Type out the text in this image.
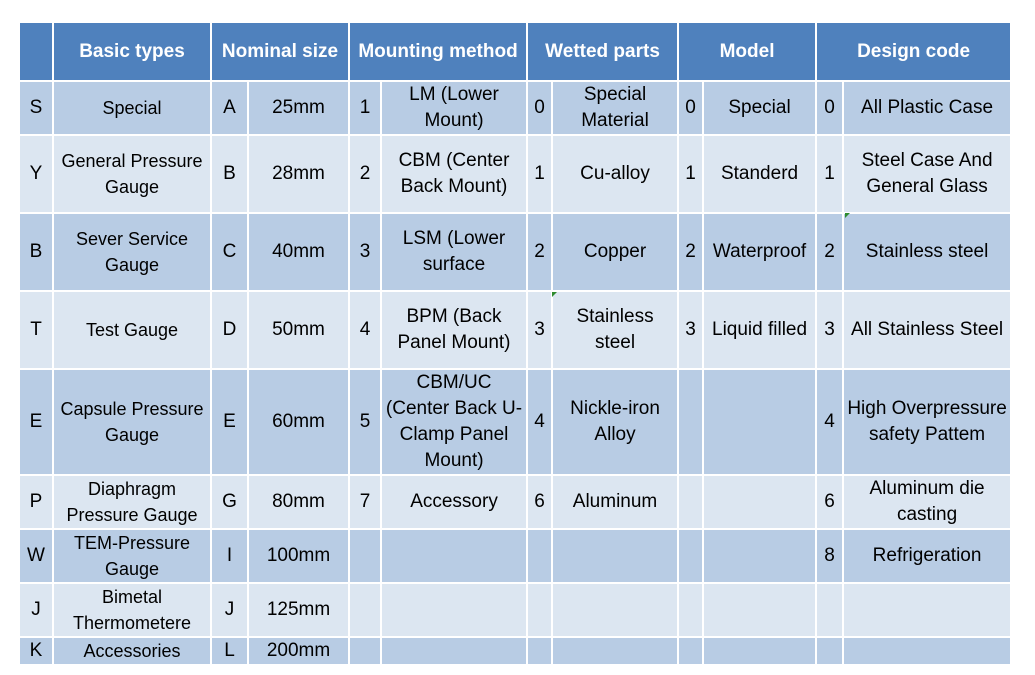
	Basic types	Nominal size		Mounting method		Wetted parts		Model		Design code	
S	Special	A	25mm	1	LM (Lower Mount)	0	Special Material	0	Special	0	All Plastic Case
Y	General Pressure Gauge	B	28mm	2	CBM (Center Back Mount)	1	Cu-alloy	1	Standerd	1	Steel Case And General Glass
B	Sever Service Gauge	C	40mm	3	LSM (Lower surface	2	Copper	2	Waterproof	2	Stainless steel
T	Test Gauge	D	50mm	4	BPM (Back Panel Mount)	3	Stainless steel	3	Liquid filled	3	All Stainless Steel
E	Capsule Pressure Gauge	E	60mm	5	CBM/UC (Center Back U-Clamp Panel Mount)	4	Nickle-iron Alloy			4	High Overpressure safety Pattem
P	Diaphragm Pressure Gauge	G	80mm	7	Accessory	6	Aluminum			6	Aluminum die casting
W	TEM-Pressure Gauge	I	100mm							8	Refrigeration
J	Bimetal Thermometere	J	125mm								
K	Accessories	L	200mm								
